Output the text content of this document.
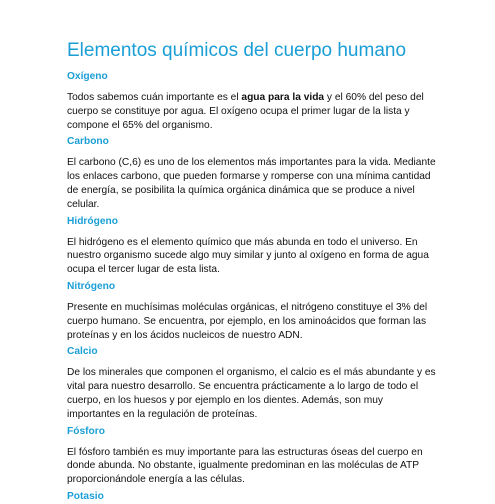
Elementos químicos del cuerpo humano
Oxígeno

Todos sabemos cuán importante es el agua para la vida y el 60% del peso del cuerpo se constituye por agua. El oxígeno ocupa el primer lugar de la lista y compone el 65% del organismo.

Carbono

El carbono (C,6) es uno de los elementos más importantes para la vida. Mediante los enlaces carbono, que pueden formarse y romperse con una mínima cantidad de energía, se posibilita la química orgánica dinámica que se produce a nivel celular.

Hidrógeno

El hidrógeno es el elemento químico que más abunda en todo el universo. En nuestro organismo sucede algo muy similar y junto al oxígeno en forma de agua ocupa el tercer lugar de esta lista.

Nitrógeno

Presente en muchísimas moléculas orgánicas, el nitrógeno constituye el 3% del cuerpo humano. Se encuentra, por ejemplo, en los aminoácidos que forman las proteínas y en los ácidos nucleicos de nuestro ADN.

Calcio

De los minerales que componen el organismo, el calcio es el más abundante y es vital para nuestro desarrollo. Se encuentra prácticamente a lo largo de todo el cuerpo, en los huesos y por ejemplo en los dientes. Además, son muy importantes en la regulación de proteínas.

Fósforo

El fósforo también es muy importante para las estructuras óseas del cuerpo en donde abunda. No obstante, igualmente predominan en las moléculas de ATP proporcionándole energía a las células.

Potasio
